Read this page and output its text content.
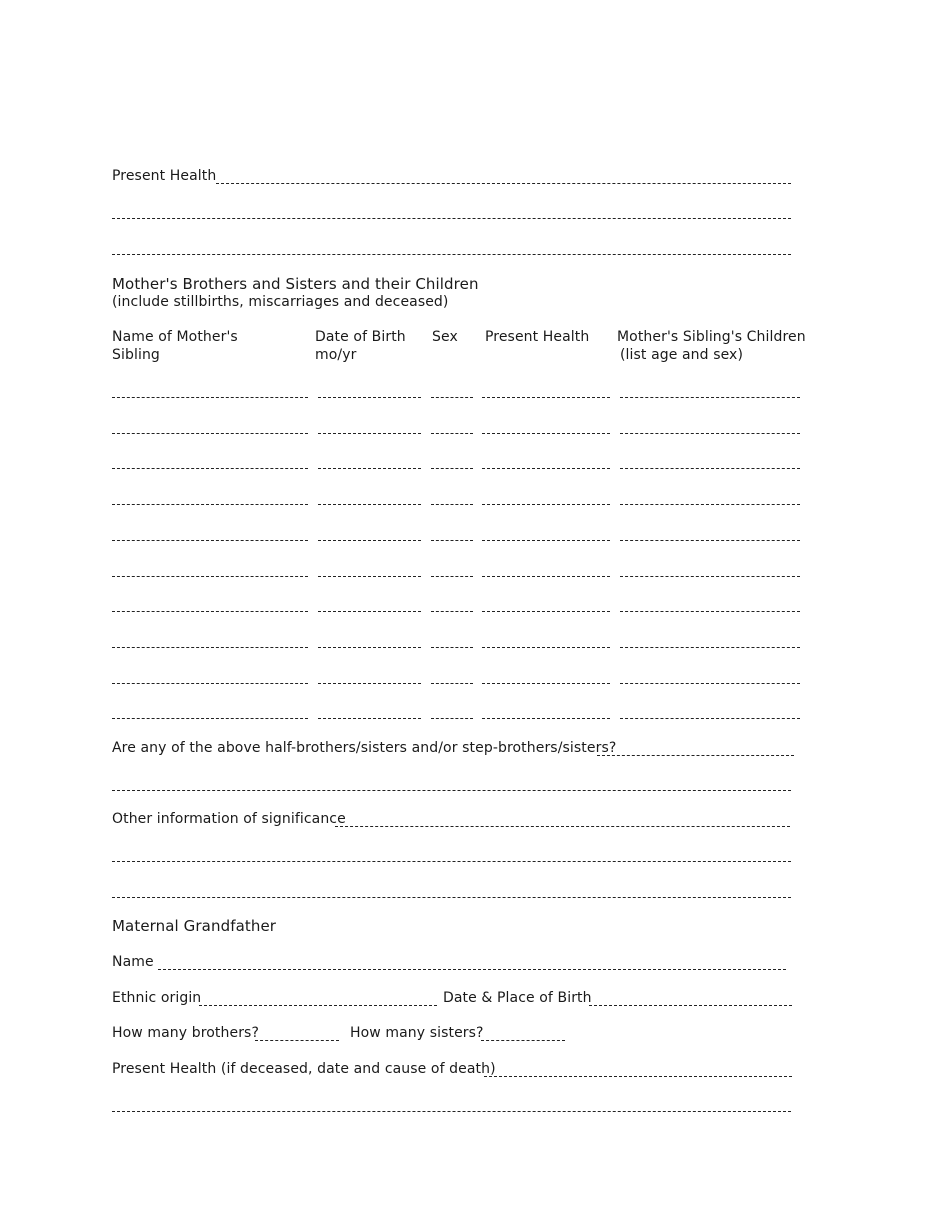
Present Health
Mother's Brothers and Sisters and their Children
(include stillbirths, miscarriages and deceased)
Name of Mother's
Sibling
Date of Birth
mo/yr
Sex Present Health Mother's Sibling's Children
(list age and sex)
Are any of the above half-brothers/sisters and/or step-brothers/sisters?
Other information of significance
Maternal Grandfather
Name
Ethnic origin	Date & Place of Birth
How many brothers?	How many sisters?
Present Health (if deceased, date and cause of death)
